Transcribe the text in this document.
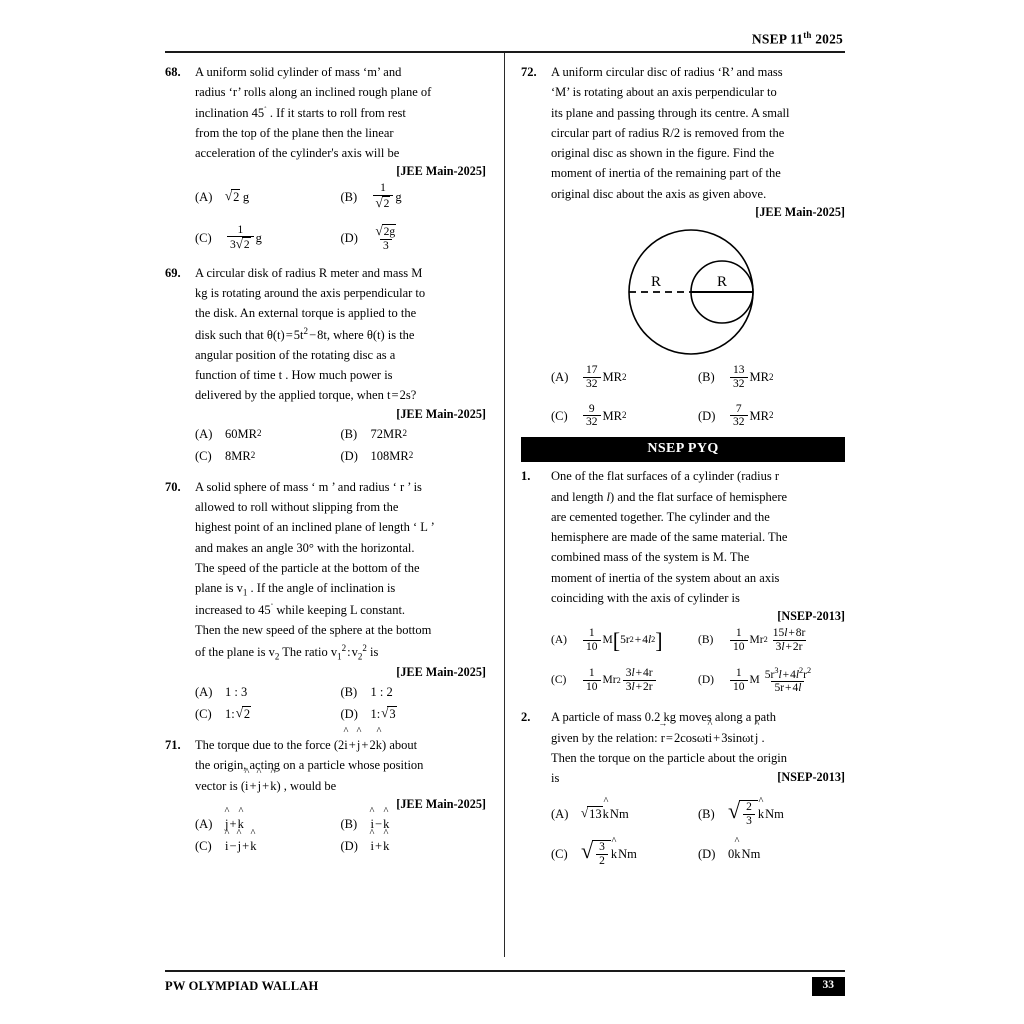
NSEP 11th 2025
68.	A uniform solid cylinder of mass ‘m’ and
radius ‘r’ rolls along an inclined rough plane of
inclination 45˚ . If it starts to roll from rest
from the top of the plane then the linear
acceleration of the cylinder's axis will be
[JEE Main-2025]
(A) √ 2  g	(B)	$\frac{1}{√ 2}$ g
(C)	$\frac{1}{3 √ 2}$ g	(D)	$\frac{√ 2g}{3}$
69.	A circular disk of radius R meter and mass M
kg is rotating around the axis perpendicular to
the disk. An external torque is applied to the
disk such that θ(t) = $5t^2$ − 8t, where θ(t) is the
angular position of the rotating disc as a
function of time t . How much power is
delivered by the applied torque, when t = 2s?
[JEE Main-2025]
(A)	60MR 2	(B)	72MR 2
(C)	8MR 2	(D)	108MR 2
70.	A solid sphere of mass ‘ m ’ and radius ‘ r ’ is
allowed to roll without slipping from the
highest point of an inclined plane of length ‘ L ’
and makes an angle 30° with the horizontal.
The speed of the particle at the bottom of the
plane is $v_1$ . If the angle of inclination is
increased to 45˚ while keeping L constant.
Then the new speed of the sphere at the bottom
of the plane is $v_2$ The ratio $v_1^2$ : $v_2^2$ is
[JEE Main-2025]
(A)	1 : 3	(B)	1 : 2
(C)	1:  √ 2	(D)	1:  √ 3
71.	The torque due to the force (2^ i + ^ j + 2^ k) about
the origin, acting on a particle whose position
vector is (^ i + ^ j + ^ k) , would be
[JEE Main-2025]
(A)	^ j  +  ^ k	(B)	^ i  −  ^ k
(C)	^ i  −  ^ j  +  ^ k	(D)	^ i  +  ^ k
72.	A uniform circular disc of radius ‘R’ and mass
‘M’ is rotating about an axis perpendicular to
its plane and passing through its centre. A small
circular part of radius R/2 is removed from the
original disc as shown in the figure. Find the
moment of inertia of the remaining part of the
original disc about the axis as given above.
[JEE Main-2025]
R	R
(A)	$\frac{17}{32}$ MR 2	(B)	$\frac{13}{32}$ MR 2
(C)	$\frac{9}{32}$ MR 2	(D)	$\frac{7}{32}$ MR 2
NSEP PYQ
1.	One of the flat surfaces of a cylinder (radius r
and length l) and the flat surface of hemisphere
are cemented together. The cylinder and the
hemisphere are made of the same material. The
combined mass of the system is M. The
moment of inertia of the system about an axis
coinciding with the axis of cylinder is
[NSEP-2013]
(A)	$\frac{1}{10}$ M [ 5r 2  + 4 l 2 ]	(B)	$\frac{1}{10}$ Mr $2 \frac{15l + 8r}{3l + 2r}$
(C)	$\frac{1}{10}$ Mr $2 \frac{3l + 4r}{3l + 2r}$	(D)	$\frac{1}{10}$ M $\frac{5r^3l + 4l^2r^2}{5r + 4l}$
2.	A particle of mass 0.2 kg moves along a path
given by the relation: → r = 2cosωt^ i + 3sinωt ^ j .
Then the torque on the particle about the origin
is	[NSEP-2013]
(A) √ 13 ^ k  Nm	(B) √ $\frac{2}{3}$ ^ k  Nm
(C) √ $\frac{3}{2}$ ^ k  Nm	(D)	0 ^ k  Nm
PW OLYMPIAD WALLAH	33
